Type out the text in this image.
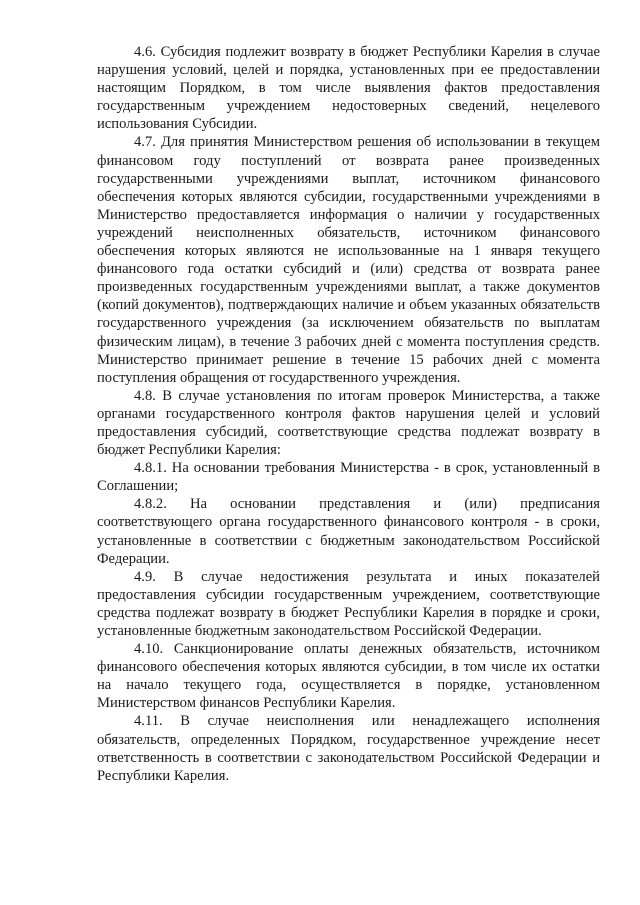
4.6. Субсидия подлежит возврату в бюджет Республики Карелия в случае нарушения условий, целей и порядка, установленных при ее предоставлении настоящим Порядком, в том числе выявления фактов предоставления государственным учреждением недостоверных сведений, нецелевого использования Субсидии.

4.7. Для принятия Министерством решения об использовании в текущем финансовом году поступлений от возврата ранее произведенных государственными учреждениями выплат, источником финансового обеспечения которых являются субсидии, государственными учреждениями в Министерство предоставляется информация о наличии у государственных учреждений неисполненных обязательств, источником финансового обеспечения которых являются не использованные на 1 января текущего финансового года остатки субсидий и (или) средства от возврата ранее произведенных государственным учреждениями выплат, а также документов (копий документов), подтверждающих наличие и объем указанных обязательств государственного учреждения (за исключением обязательств по выплатам физическим лицам), в течение 3 рабочих дней с момента поступления средств. Министерство принимает решение в течение 15 рабочих дней с момента поступления обращения от государственного учреждения.

4.8. В случае установления по итогам проверок Министерства, а также органами государственного контроля фактов нарушения целей и условий предоставления субсидий, соответствующие средства подлежат возврату в бюджет Республики Карелия:

4.8.1. На основании требования Министерства - в срок, установленный в Соглашении;

4.8.2. На основании представления и (или) предписания соответствующего органа государственного финансового контроля - в сроки, установленные в соответствии с бюджетным законодательством Российской Федерации.

4.9. В случае недостижения результата и иных показателей предоставления субсидии государственным учреждением, соответствующие средства подлежат возврату в бюджет Республики Карелия в порядке и сроки, установленные бюджетным законодательством Российской Федерации.

4.10. Санкционирование оплаты денежных обязательств, источником финансового обеспечения которых являются субсидии, в том числе их остатки на начало текущего года, осуществляется в порядке, установленном Министерством финансов Республики Карелия.

4.11. В случае неисполнения или ненадлежащего исполнения обязательств, определенных Порядком, государственное учреждение несет ответственность в соответствии с законодательством Российской Федерации и Республики Карелия.
